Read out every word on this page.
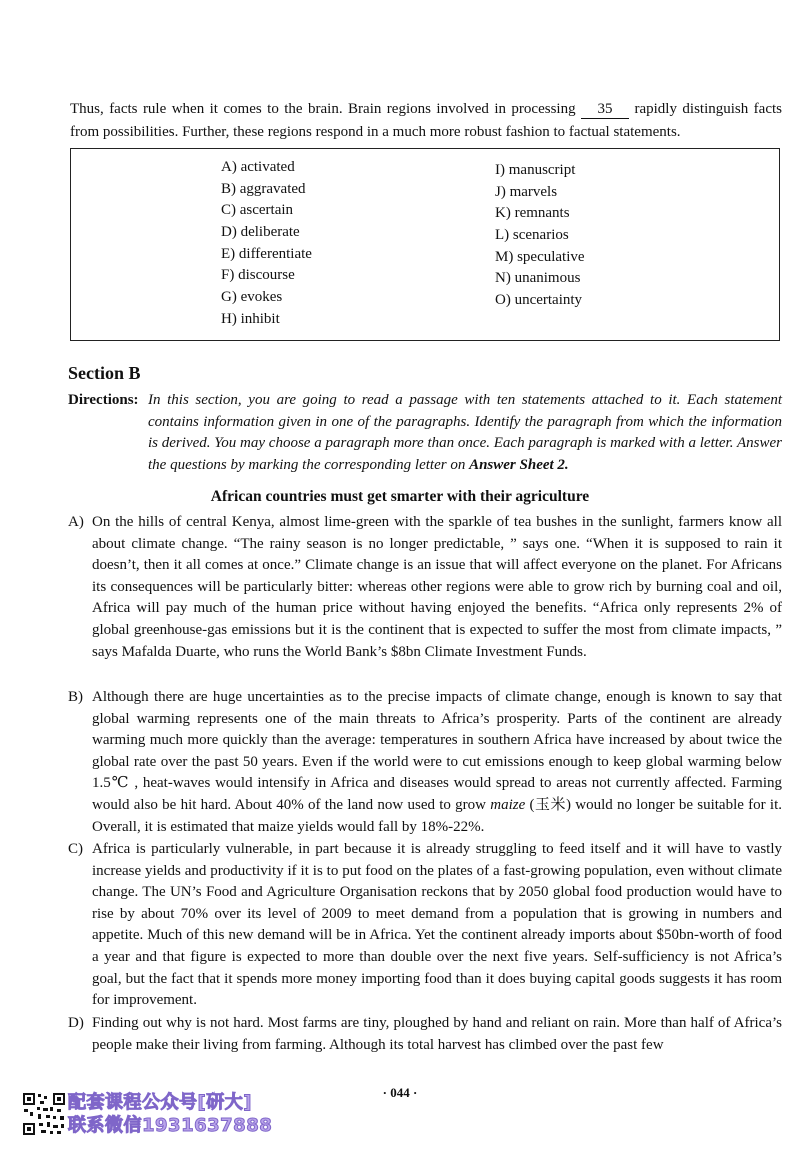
Thus, facts rule when it comes to the brain. Brain regions involved in processing 35 rapidly distinguish facts from possibilities. Further, these regions respond in a much more robust fashion to factual statements.

A) activated
B) aggravated
C) ascertain
D) deliberate
E) differentiate
F) discourse
G) evokes
H) inhibit
I) manuscript
J) marvels
K) remnants
L) scenarios
M) speculative
N) unanimous
O) uncertainty
Section B
Directions: In this section, you are going to read a passage with ten statements attached to it. Each statement contains information given in one of the paragraphs. Identify the paragraph from which the information is derived. You may choose a paragraph more than once. Each paragraph is marked with a letter. Answer the questions by marking the corresponding letter on Answer Sheet 2.
African countries must get smarter with their agriculture
A) On the hills of central Kenya, almost lime-green with the sparkle of tea bushes in the sunlight, farmers know all about climate change. “The rainy season is no longer predictable, ” says one. “When it is supposed to rain it doesn’t, then it all comes at once.” Climate change is an issue that will affect everyone on the planet. For Africans its consequences will be particularly bitter: whereas other regions were able to grow rich by burning coal and oil, Africa will pay much of the human price without having enjoyed the benefits. “Africa only represents 2% of global greenhouse-gas emissions but it is the continent that is expected to suffer the most from climate impacts, ” says Mafalda Duarte, who runs the World Bank’s $8bn Climate Investment Funds.
B) Although there are huge uncertainties as to the precise impacts of climate change, enough is known to say that global warming represents one of the main threats to Africa’s prosperity. Parts of the continent are already warming much more quickly than the average: temperatures in southern Africa have increased by about twice the global rate over the past 50 years. Even if the world were to cut emissions enough to keep global warming below 1.5℃ , heat-waves would intensify in Africa and diseases would spread to areas not currently affected. Farming would also be hit hard. About 40% of the land now used to grow maize (玉米) would no longer be suitable for it. Overall, it is estimated that maize yields would fall by 18%-22%.
C) Africa is particularly vulnerable, in part because it is already struggling to feed itself and it will have to vastly increase yields and productivity if it is to put food on the plates of a fast-growing population, even without climate change. The UN’s Food and Agriculture Organisation reckons that by 2050 global food production would have to rise by about 70% over its level of 2009 to meet demand from a population that is growing in numbers and appetite. Much of this new demand will be in Africa. Yet the continent already imports about $50bn-worth of food a year and that figure is expected to more than double over the next five years. Self-sufficiency is not Africa’s goal, but the fact that it spends more money importing food than it does buying capital goods suggests it has room for improvement.
D) Finding out why is not hard. Most farms are tiny, ploughed by hand and reliant on rain. More than half of Africa’s people make their living from farming. Although its total harvest has climbed over the past few
· 044 ·
配套课程公众号[研大]
联系微信1931637888
